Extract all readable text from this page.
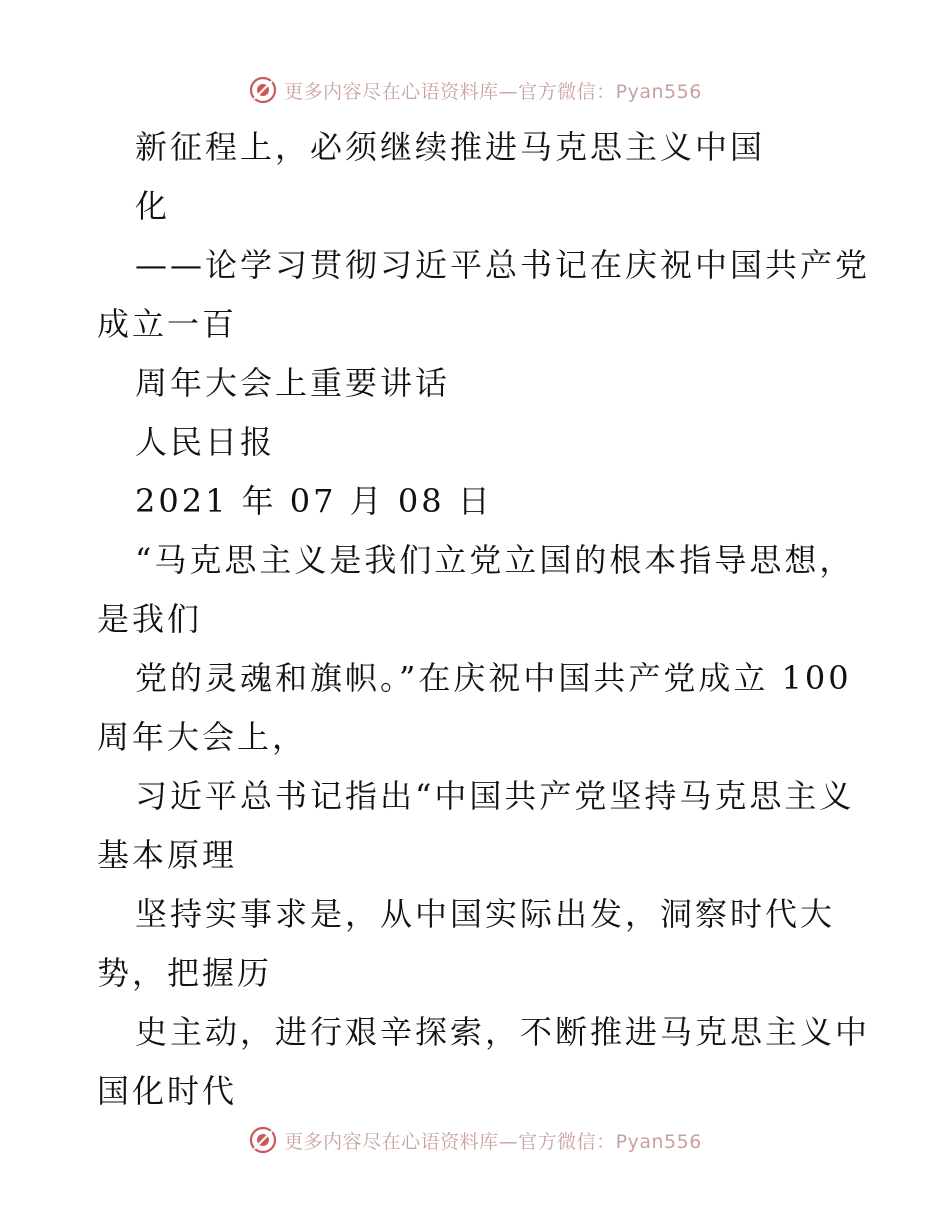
更多内容尽在心语资料库—官方微信：Pyan556
新征程上，必须继续推进马克思主义中国
化
——论学习贯彻习近平总书记在庆祝中国共产党
成立一百
周年大会上重要讲话
人民日报
2021 年 07 月 08 日
“马克思主义是我们立党立国的根本指导思想，
是我们
党的灵魂和旗帜。”在庆祝中国共产党成立 100
周年大会上，
习近平总书记指出“中国共产党坚持马克思主义
基本原理
坚持实事求是，从中国实际出发，洞察时代大
势，把握历
史主动，进行艰辛探索，不断推进马克思主义中
国化时代
更多内容尽在心语资料库—官方微信：Pyan556
